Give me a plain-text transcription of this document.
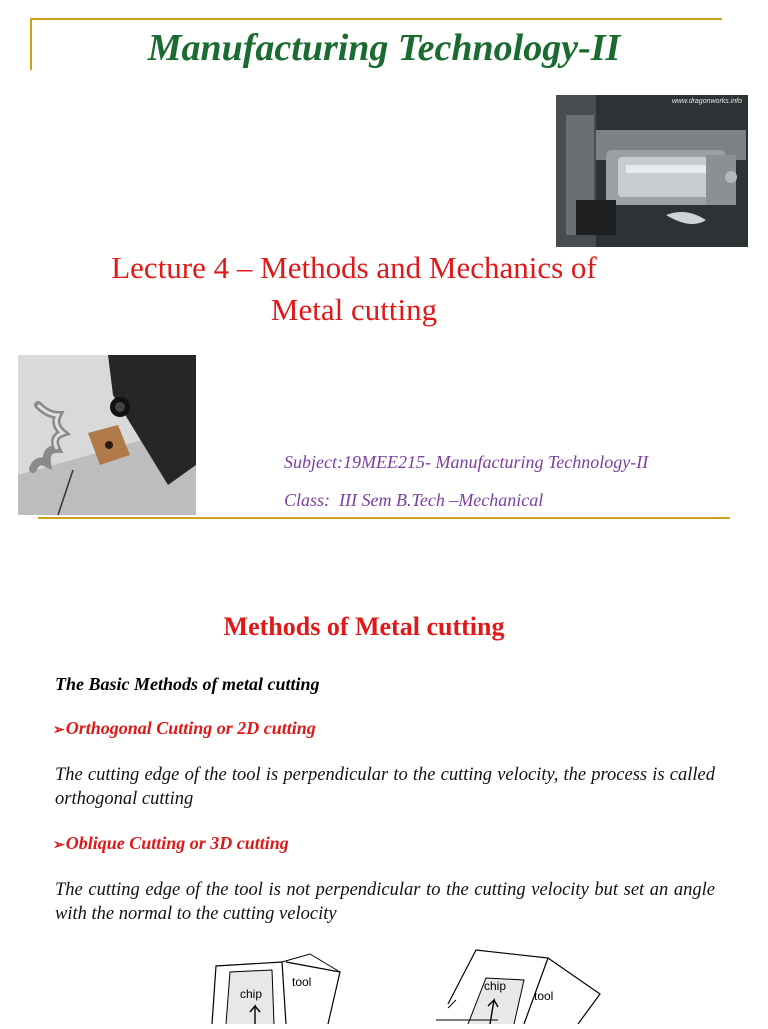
Manufacturing Technology-II
www.dragonworks.info
Lecture 4 – Methods and Mechanics of
Metal cutting
Subject:19MEE215- Manufacturing Technology-II
Class:  III Sem B.Tech –Mechanical
Methods of Metal cutting
The Basic Methods of metal cutting
➢Orthogonal Cutting or 2D cutting
The cutting edge of the tool is perpendicular to the cutting velocity, the process is called orthogonal cutting
➢Oblique Cutting or 3D cutting
The cutting edge of the tool is not perpendicular to the cutting velocity but set an angle with the normal to the cutting velocity
chip
tool	chip
tool
